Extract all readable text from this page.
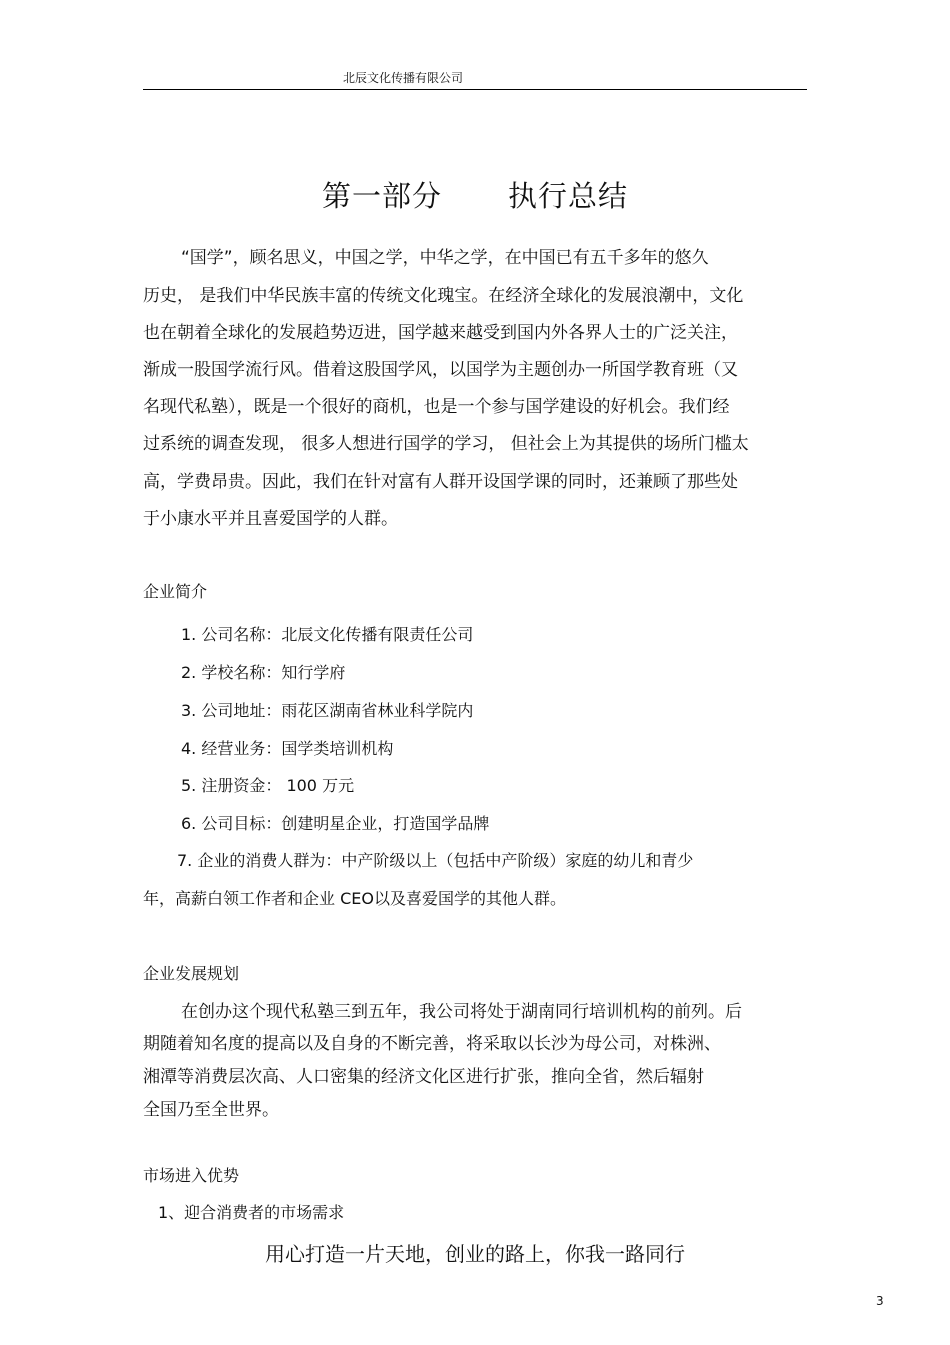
北辰文化传播有限公司
第一部分 执行总结
“国学”，顾名思义，中国之学，中华之学，在中国已有五千多年的悠久
历史， 是我们中华民族丰富的传统文化瑰宝。在经济全球化的发展浪潮中，文化
也在朝着全球化的发展趋势迈进，国学越来越受到国内外各界人士的广泛关注，
渐成一股国学流行风。借着这股国学风，以国学为主题创办一所国学教育班（又
名现代私塾），既是一个很好的商机，也是一个参与国学建设的好机会。我们经
过系统的调查发现， 很多人想进行国学的学习， 但社会上为其提供的场所门槛太
高，学费昂贵。因此，我们在针对富有人群开设国学课的同时，还兼顾了那些处
于小康水平并且喜爱国学的人群。
企业简介
1. 公司名称：北辰文化传播有限责任公司
2. 学校名称：知行学府
3. 公司地址：雨花区湖南省林业科学院内
4. 经营业务：国学类培训机构
5. 注册资金： 100 万元
6. 公司目标：创建明星企业，打造国学品牌
7. 企业的消费人群为：中产阶级以上（包括中产阶级）家庭的幼儿和青少
年，高薪白领工作者和企业 CEO以及喜爱国学的其他人群。
企业发展规划
在创办这个现代私塾三到五年，我公司将处于湖南同行培训机构的前列。后
期随着知名度的提高以及自身的不断完善，将采取以长沙为母公司，对株洲、
湘潭等消费层次高、人口密集的经济文化区进行扩张，推向全省，然后辐射
全国乃至全世界。
市场进入优势
1、迎合消费者的市场需求
用心打造一片天地，创业的路上，你我一路同行
3
